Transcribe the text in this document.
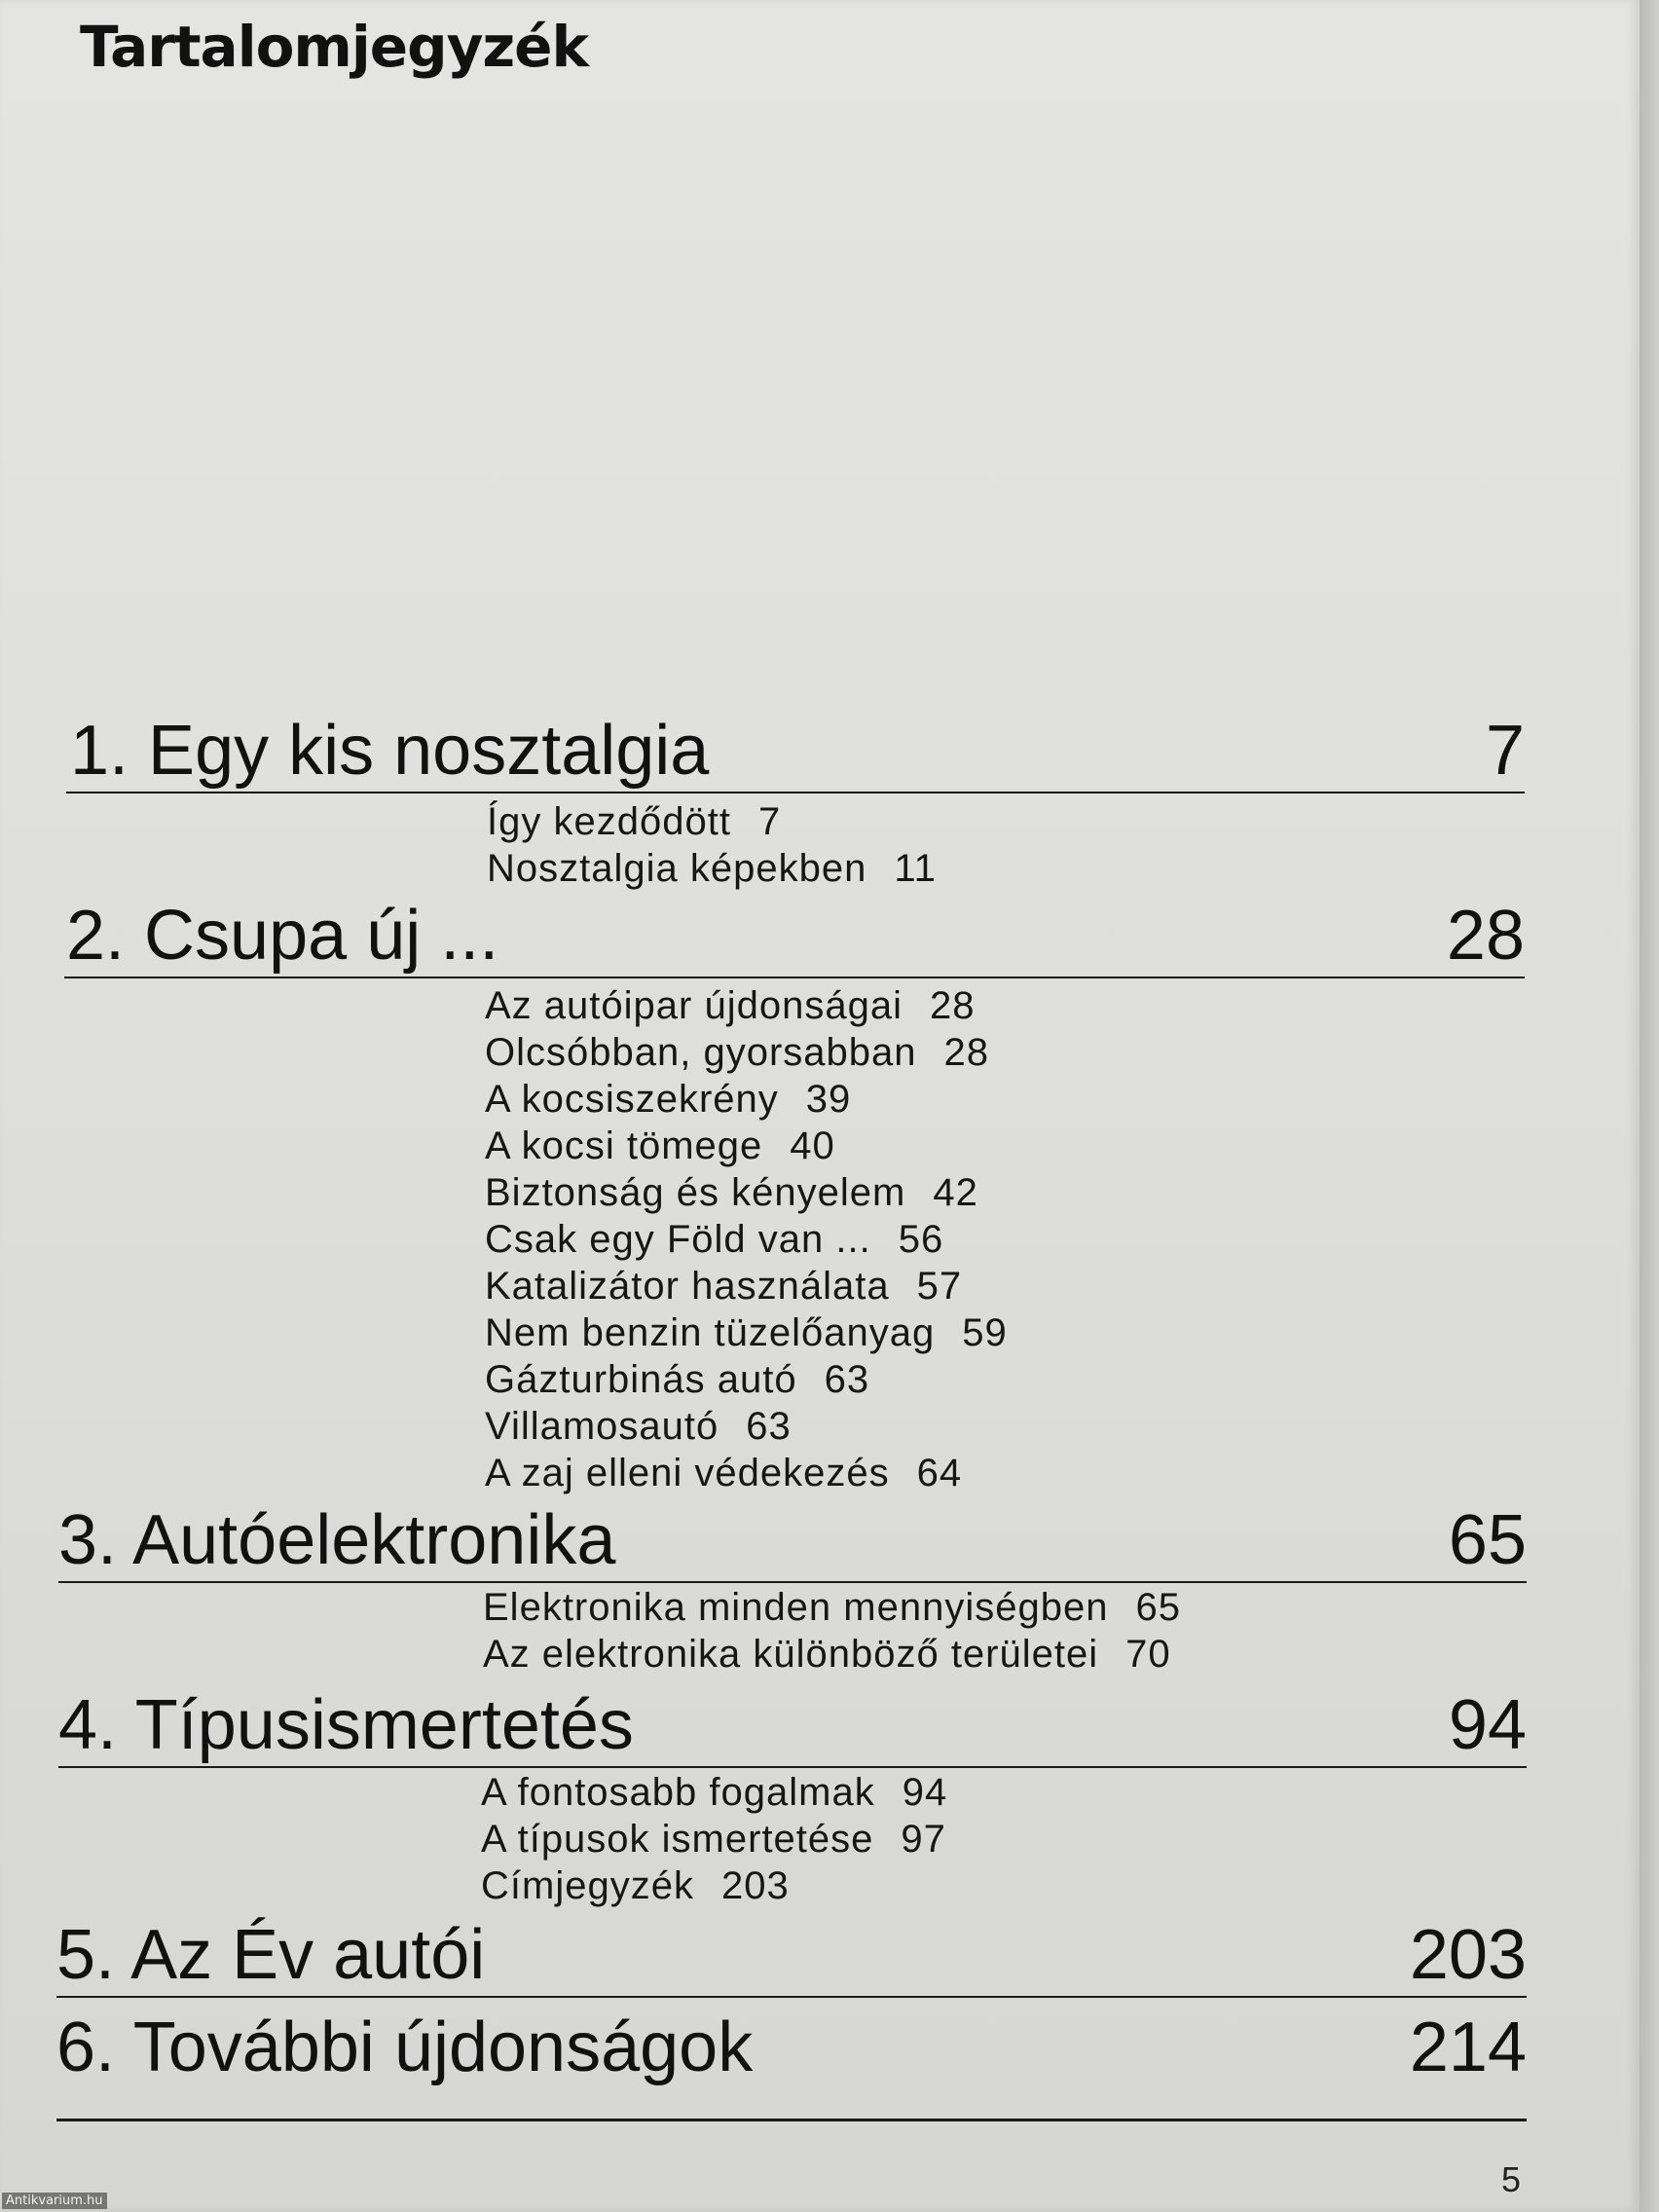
Tartalomjegyzék
1. Egy kis nosztalgia	7
Így kezdődött 7
Nosztalgia képekben 11
2. Csupa új ...	28
Az autóipar újdonságai 28
Olcsóbban, gyorsabban 28
A kocsiszekrény 39
A kocsi tömege 40
Biztonság és kényelem 42
Csak egy Föld van ... 56
Katalizátor használata 57
Nem benzin tüzelőanyag 59
Gázturbinás autó 63
Villamosautó 63
A zaj elleni védekezés 64
3. Autóelektronika	65
Elektronika minden mennyiségben 65
Az elektronika különböző területei 70
4. Típusismertetés	94
A fontosabb fogalmak 94
A típusok ismertetése 97
Címjegyzék 203
5. Az Év autói	203
6. További újdonságok	214
5
Antikvarium.hu
